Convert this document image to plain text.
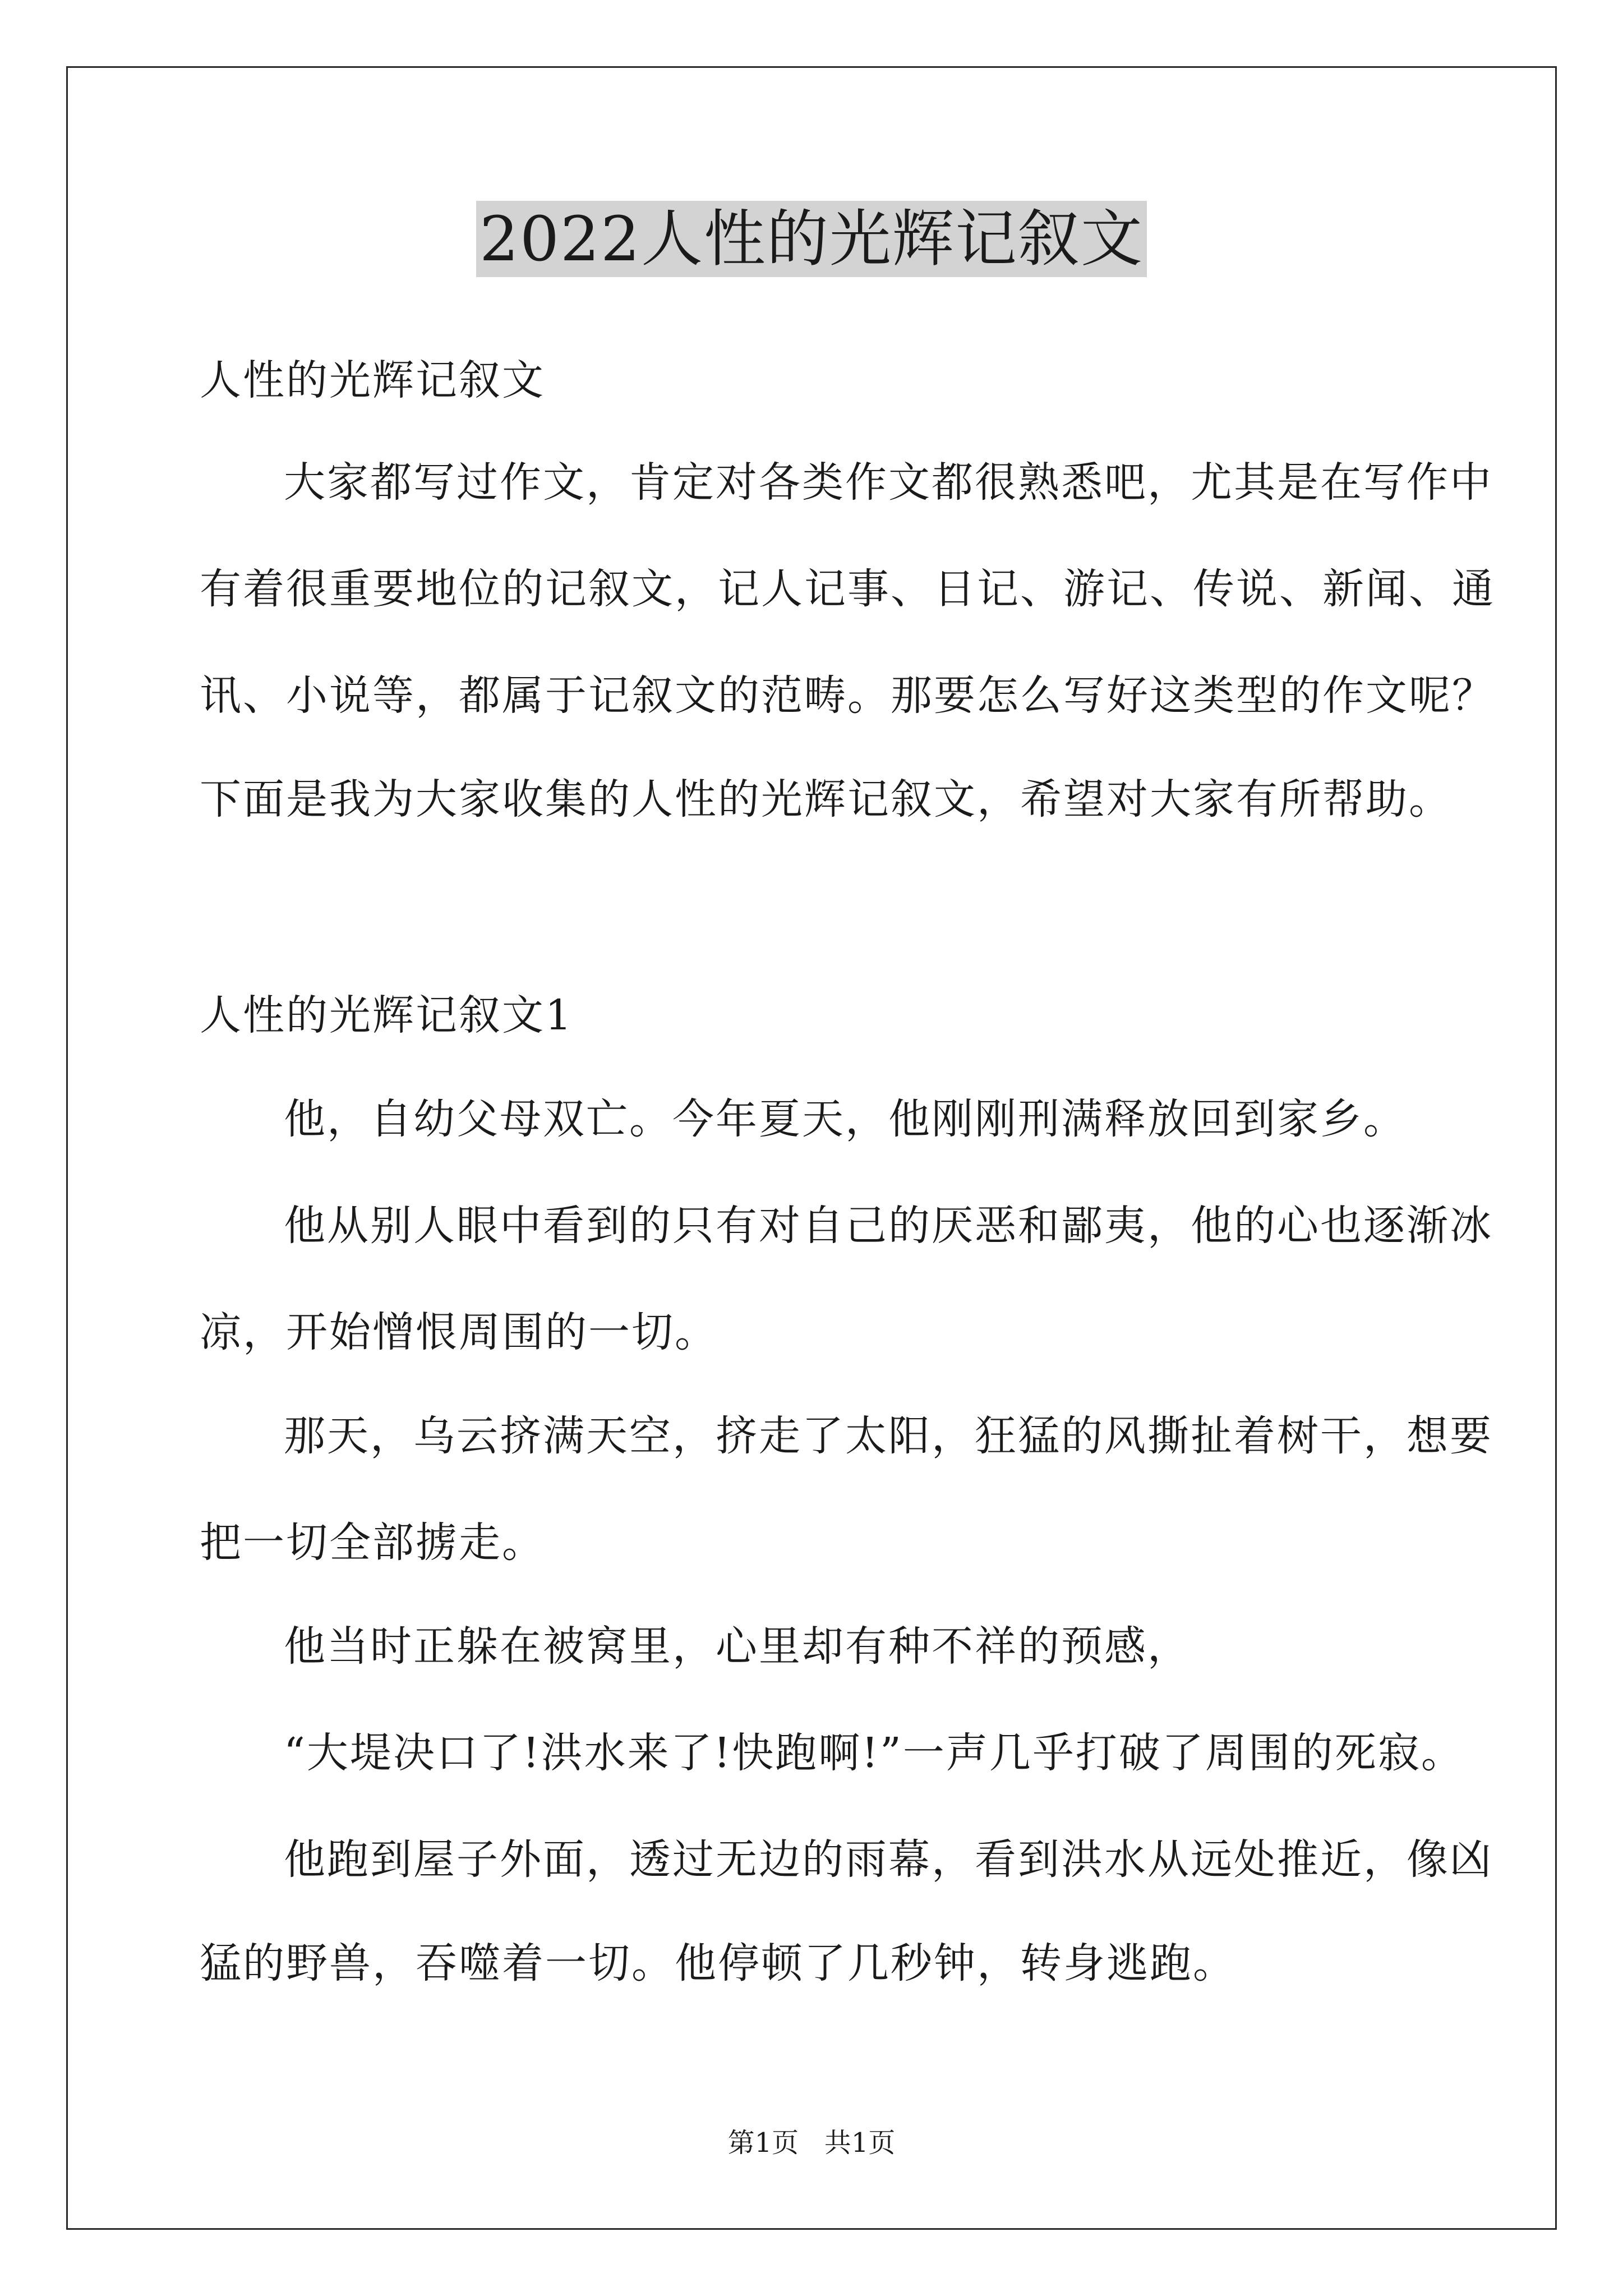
2022人性的光辉记叙文
人性的光辉记叙文
大家都写过作文，肯定对各类作文都很熟悉吧，尤其是在写作中
有着很重要地位的记叙文，记人记事、日记、游记、传说、新闻、通
讯、小说等，都属于记叙文的范畴。那要怎么写好这类型的作文呢？
下面是我为大家收集的人性的光辉记叙文，希望对大家有所帮助。
人性的光辉记叙文1
他，自幼父母双亡。今年夏天，他刚刚刑满释放回到家乡。
他从别人眼中看到的只有对自己的厌恶和鄙夷，他的心也逐渐冰
凉，开始憎恨周围的一切。
那天，乌云挤满天空，挤走了太阳，狂猛的风撕扯着树干，想要
把一切全部掳走。
他当时正躲在被窝里，心里却有种不祥的预感，
“大堤决口了!洪水来了!快跑啊!”一声几乎打破了周围的死寂。
他跑到屋子外面，透过无边的雨幕，看到洪水从远处推近，像凶
猛的野兽，吞噬着一切。他停顿了几秒钟，转身逃跑。
第1页   共1页
